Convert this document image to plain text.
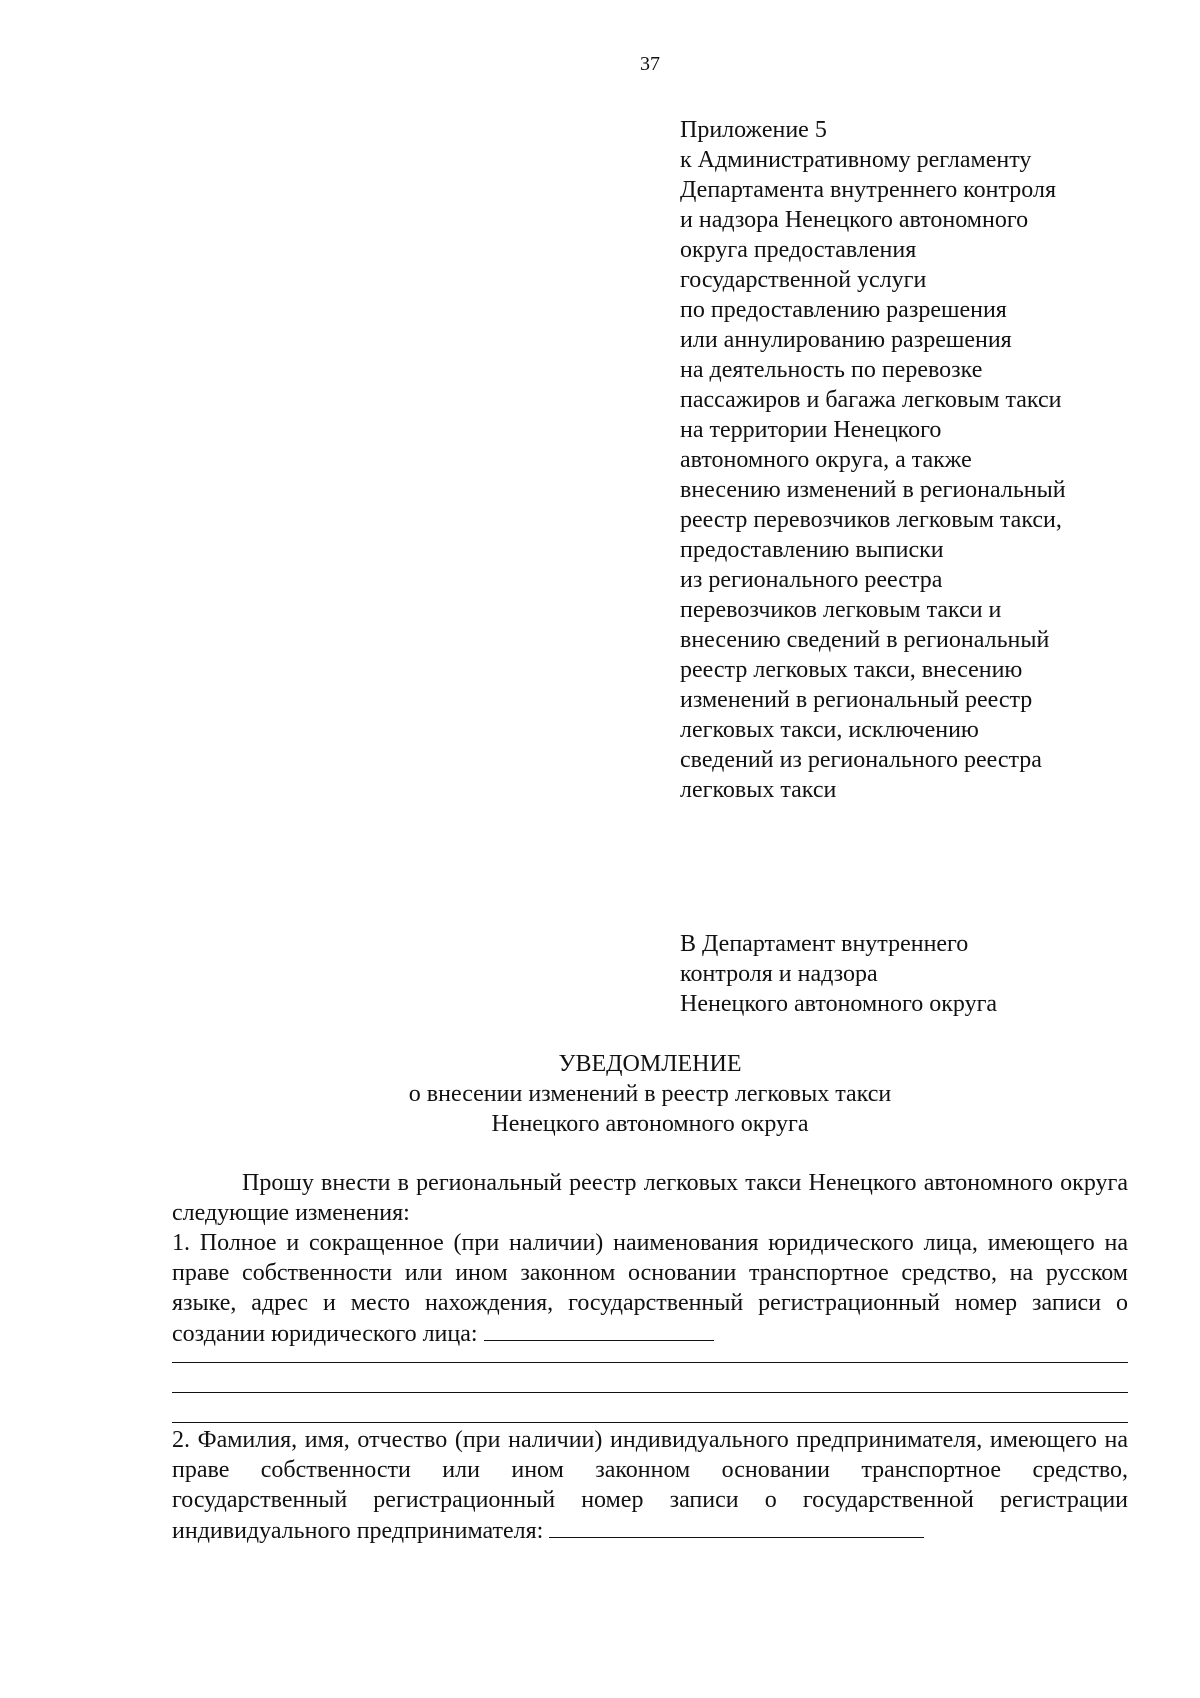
37
Приложение 5
к Административному регламенту
Департамента внутреннего контроля
и надзора Ненецкого автономного
округа предоставления
государственной услуги
по предоставлению разрешения
или аннулированию разрешения
на деятельность по перевозке
пассажиров и багажа легковым такси
на территории Ненецкого
автономного округа, а также
внесению изменений в региональный
реестр перевозчиков легковым такси,
предоставлению выписки
из регионального реестра
перевозчиков легковым такси и
внесению сведений в региональный
реестр легковых такси, внесению
изменений в региональный реестр
легковых такси, исключению
сведений из регионального реестра
легковых такси
В Департамент внутреннего
контроля и надзора
Ненецкого автономного округа
УВЕДОМЛЕНИЕ
о внесении изменений в реестр легковых такси
Ненецкого автономного округа

Прошу внести в региональный реестр легковых такси Ненецкого автономного округа следующие изменения:

1. Полное и сокращенное (при наличии) наименования юридического лица, имеющего на праве собственности или ином законном основании транспортное средство, на русском языке, адрес и место нахождения, государственный регистрационный номер записи о создании юридического лица:

2. Фамилия, имя, отчество (при наличии) индивидуального предпринимателя, имеющего на праве собственности или ином законном основании транспортное средство, государственный регистрационный номер записи о государственной регистрации индивидуального предпринимателя:
